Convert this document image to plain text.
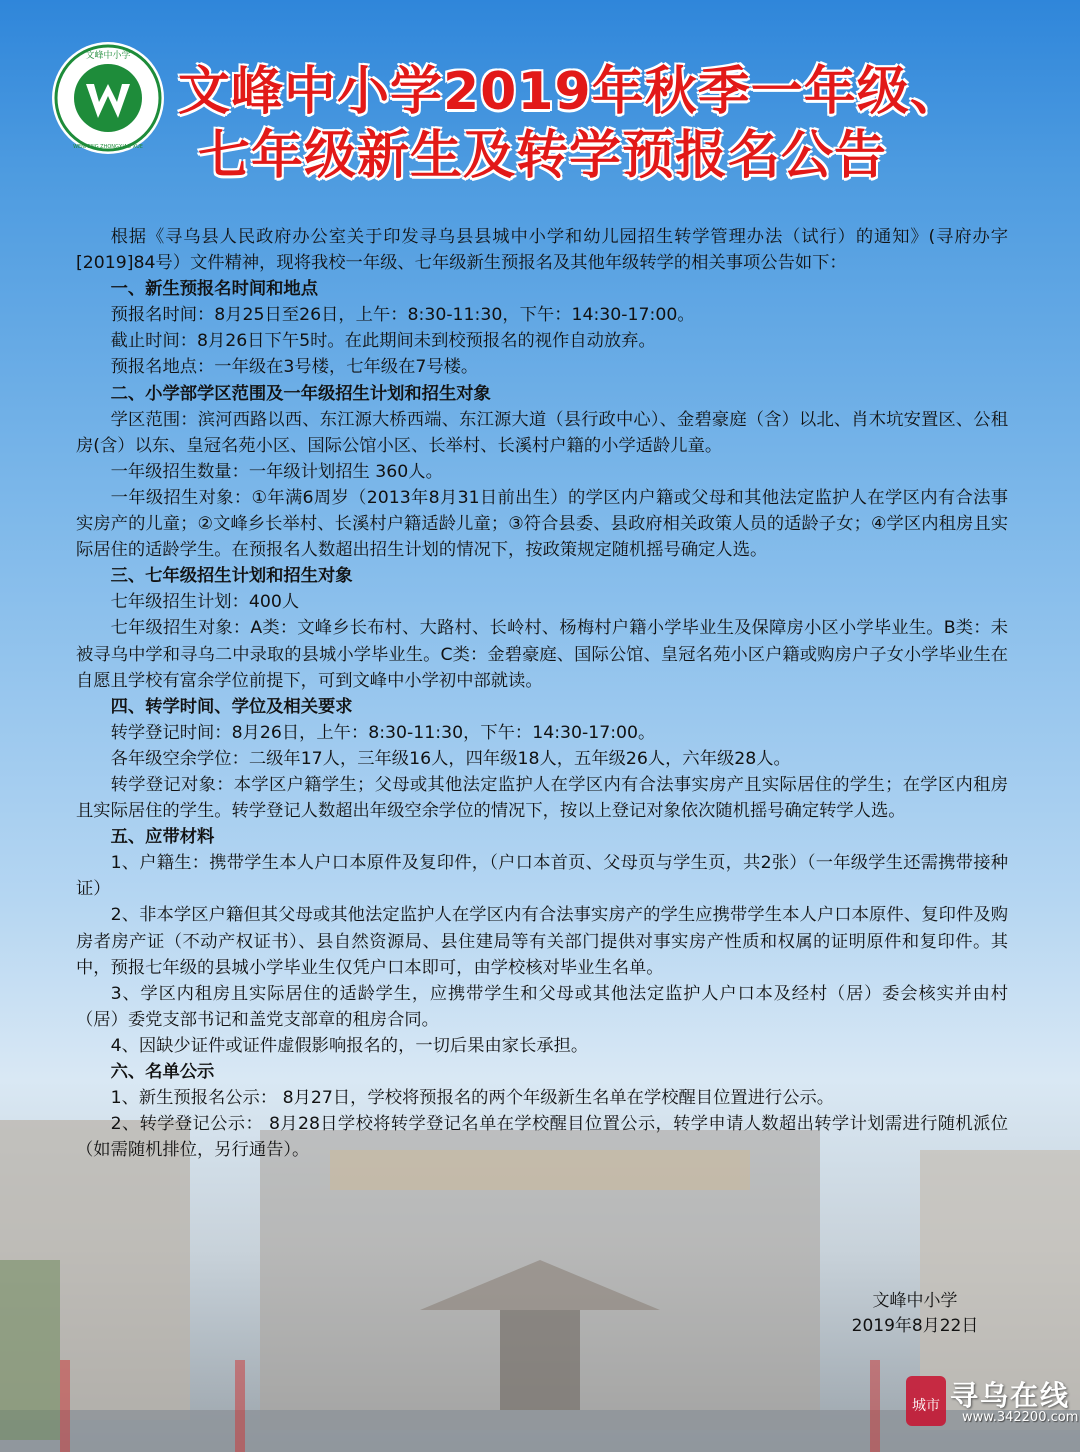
文峰中小学
WENFENG ZHONGXIAO XUE
文峰中小学2019年秋季一年级、
七年级新生及转学预报名公告

根据《寻乌县人民政府办公室关于印发寻乌县县城中小学和幼儿园招生转学管理办法（试行）的通知》(寻府办字[2019]84号）文件精神，现将我校一年级、七年级新生预报名及其他年级转学的相关事项公告如下：

一、新生预报名时间和地点

预报名时间：8月25日至26日，上午：8:30-11:30，下午：14:30-17:00。

截止时间：8月26日下午5时。在此期间未到校预报名的视作自动放弃。

预报名地点：一年级在3号楼，七年级在7号楼。

二、小学部学区范围及一年级招生计划和招生对象

学区范围：滨河西路以西、东江源大桥西端、东江源大道（县行政中心）、金碧豪庭（含）以北、肖木坑安置区、公租房(含）以东、皇冠名苑小区、国际公馆小区、长举村、长溪村户籍的小学适龄儿童。

一年级招生数量：一年级计划招生 360人。

一年级招生对象：①年满6周岁（2013年8月31日前出生）的学区内户籍或父母和其他法定监护人在学区内有合法事实房产的儿童；②文峰乡长举村、长溪村户籍适龄儿童；③符合县委、县政府相关政策人员的适龄子女；④学区内租房且实际居住的适龄学生。在预报名人数超出招生计划的情况下，按政策规定随机摇号确定人选。

三、七年级招生计划和招生对象

七年级招生计划：400人

七年级招生对象：A类：文峰乡长布村、大路村、长岭村、杨梅村户籍小学毕业生及保障房小区小学毕业生。B类：未被寻乌中学和寻乌二中录取的县城小学毕业生。C类：金碧豪庭、国际公馆、皇冠名苑小区户籍或购房户子女小学毕业生在自愿且学校有富余学位前提下，可到文峰中小学初中部就读。

四、转学时间、学位及相关要求

转学登记时间：8月26日，上午：8:30-11:30，下午：14:30-17:00。

各年级空余学位：二级年17人，三年级16人，四年级18人，五年级26人，六年级28人。

转学登记对象：本学区户籍学生；父母或其他法定监护人在学区内有合法事实房产且实际居住的学生；在学区内租房且实际居住的学生。转学登记人数超出年级空余学位的情况下，按以上登记对象依次随机摇号确定转学人选。

五、应带材料

1、户籍生：携带学生本人户口本原件及复印件，（户口本首页、父母页与学生页，共2张）（一年级学生还需携带接种证）

2、非本学区户籍但其父母或其他法定监护人在学区内有合法事实房产的学生应携带学生本人户口本原件、复印件及购房者房产证（不动产权证书）、县自然资源局、县住建局等有关部门提供对事实房产性质和权属的证明原件和复印件。其中，预报七年级的县城小学毕业生仅凭户口本即可，由学校核对毕业生名单。

3、学区内租房且实际居住的适龄学生，应携带学生和父母或其他法定监护人户口本及经村（居）委会核实并由村（居）委党支部书记和盖党支部章的租房合同。

4、因缺少证件或证件虚假影响报名的，一切后果由家长承担。

六、名单公示

1、新生预报名公示： 8月27日，学校将预报名的两个年级新生名单在学校醒目位置进行公示。

2、转学登记公示： 8月28日学校将转学登记名单在学校醒目位置公示，转学申请人数超出转学计划需进行随机派位（如需随机排位，另行通告）。

文峰中小学
2019年8月22日
城市 寻乌在线
www.342200.com
